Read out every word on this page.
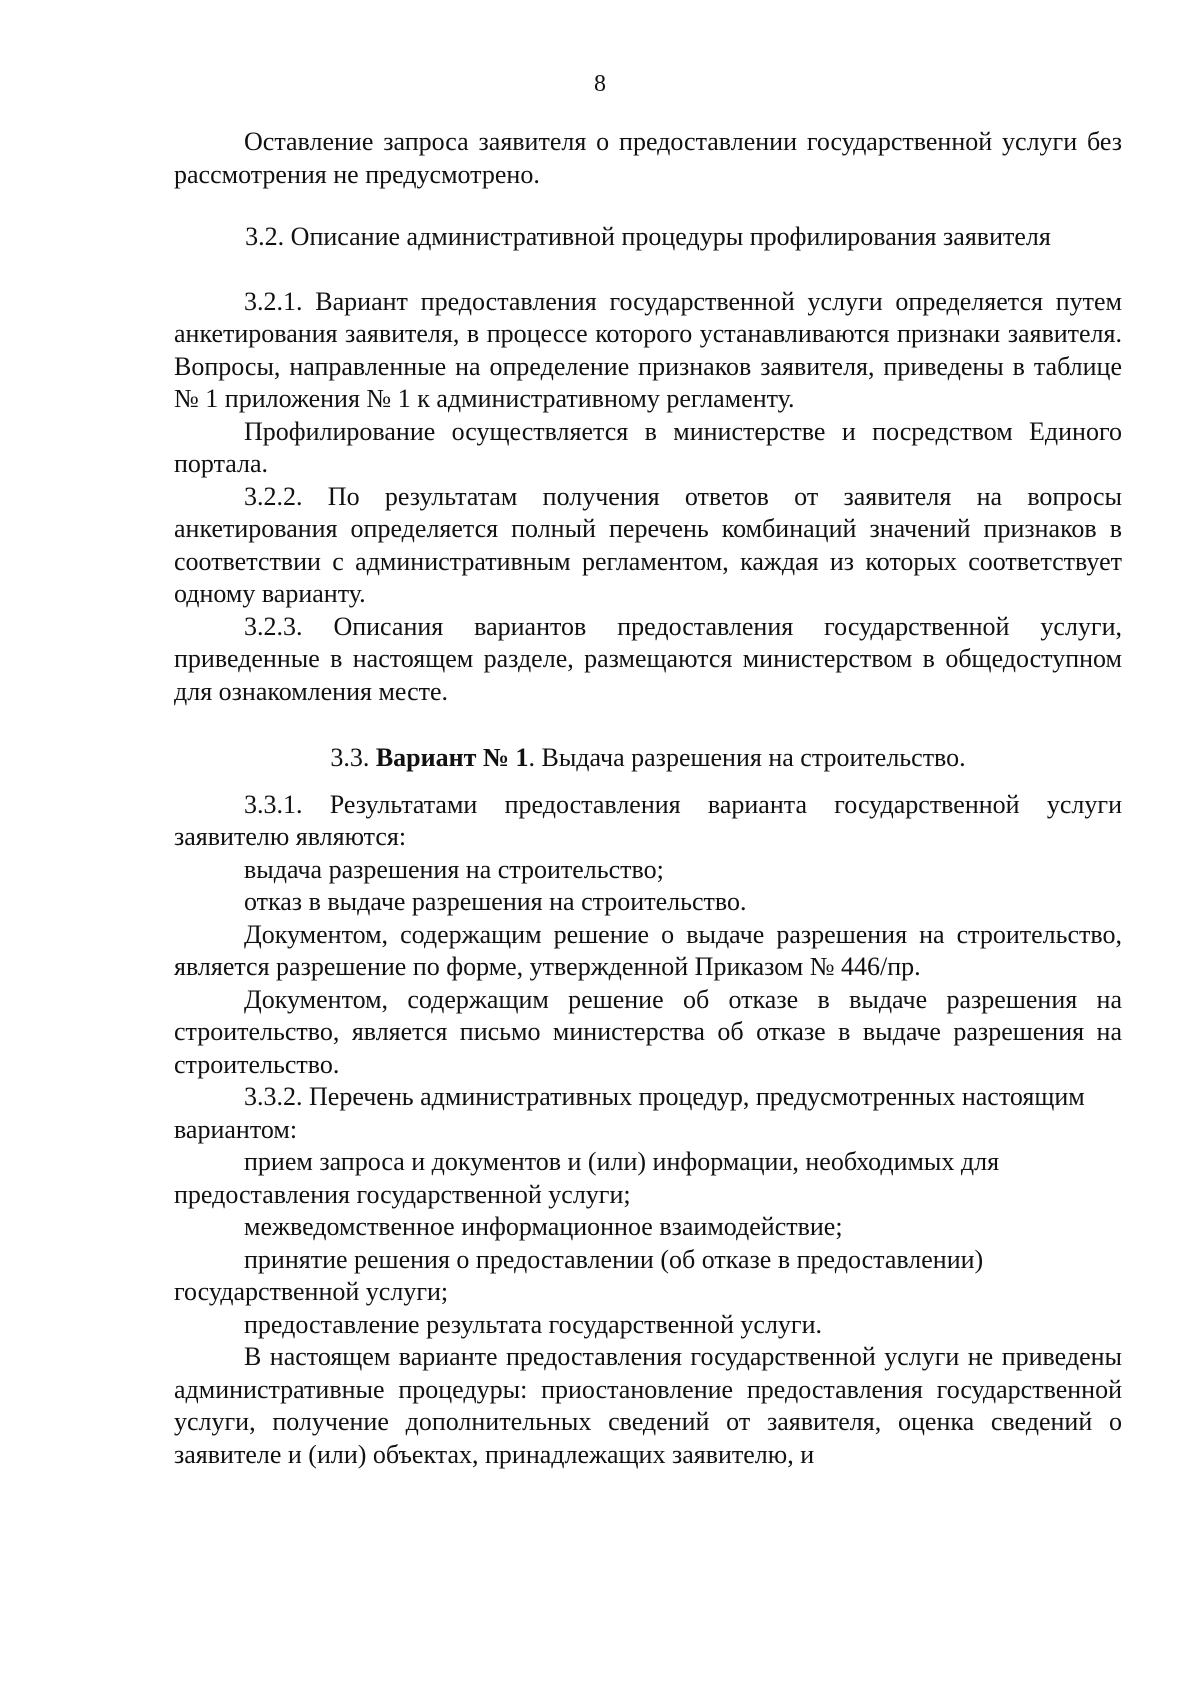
8

Оставление запроса заявителя о предоставлении государственной услуги без рассмотрения не предусмотрено.

3.2. Описание административной процедуры профилирования заявителя

3.2.1. Вариант предоставления государственной услуги определяется путем анкетирования заявителя, в процессе которого устанавливаются признаки заявителя. Вопросы, направленные на определение признаков заявителя, приведены в таблице № 1 приложения № 1 к административному регламенту.

Профилирование осуществляется в министерстве и посредством Единого портала.

3.2.2. По результатам получения ответов от заявителя на вопросы анкетирования определяется полный перечень комбинаций значений признаков в соответствии с административным регламентом, каждая из которых соответствует одному варианту.

3.2.3. Описания вариантов предоставления государственной услуги, приведенные в настоящем разделе, размещаются министерством в общедоступном для ознакомления месте.

3.3. Вариант № 1. Выдача разрешения на строительство.

3.3.1. Результатами предоставления варианта государственной услуги заявителю являются:

выдача разрешения на строительство;

отказ в выдаче разрешения на строительство.

Документом, содержащим решение о выдаче разрешения на строительство, является разрешение по форме, утвержденной Приказом № 446/пр.

Документом, содержащим решение об отказе в выдаче разрешения на строительство, является письмо министерства об отказе в выдаче разрешения на строительство.

3.3.2. Перечень административных процедур, предусмотренных настоящим вариантом:

прием запроса и документов и (или) информации, необходимых для предоставления государственной услуги;

межведомственное информационное взаимодействие;

принятие решения о предоставлении (об отказе в предоставлении) государственной услуги;

предоставление результата государственной услуги.

В настоящем варианте предоставления государственной услуги не приведены административные процедуры: приостановление предоставления государственной услуги, получение дополнительных сведений от заявителя, оценка сведений о заявителе и (или) объектах, принадлежащих заявителю, и
